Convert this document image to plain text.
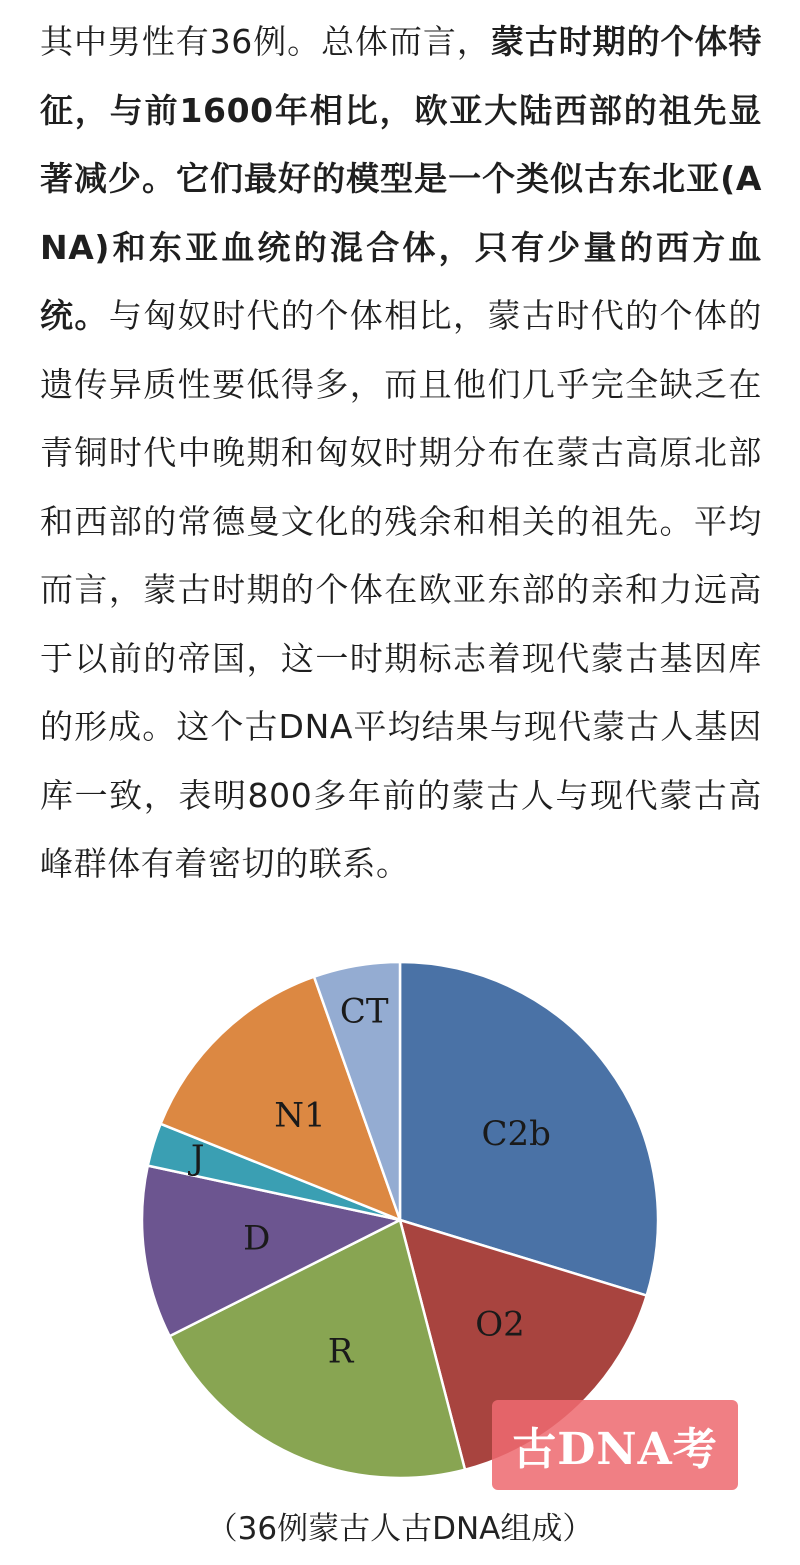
其中男性有36例。总体而言，蒙古时期的个体特征，与前1600年相比，欧亚大陆西部的祖先显著减少。它们最好的模型是一个类似古东北亚(ANA)和东亚血统的混合体，只有少量的西方血统。与匈奴时代的个体相比，蒙古时代的个体的遗传异质性要低得多，而且他们几乎完全缺乏在青铜时代中晚期和匈奴时期分布在蒙古高原北部和西部的常德曼文化的残余和相关的祖先。平均而言，蒙古时期的个体在欧亚东部的亲和力远高于以前的帝国，这一时期标志着现代蒙古基因库的形成。这个古DNA平均结果与现代蒙古人基因库一致，表明800多年前的蒙古人与现代蒙古高峰群体有着密切的联系。
C2b
O2
R
D
J
N1
CT
古DNA考
（36例蒙古人古DNA组成）
